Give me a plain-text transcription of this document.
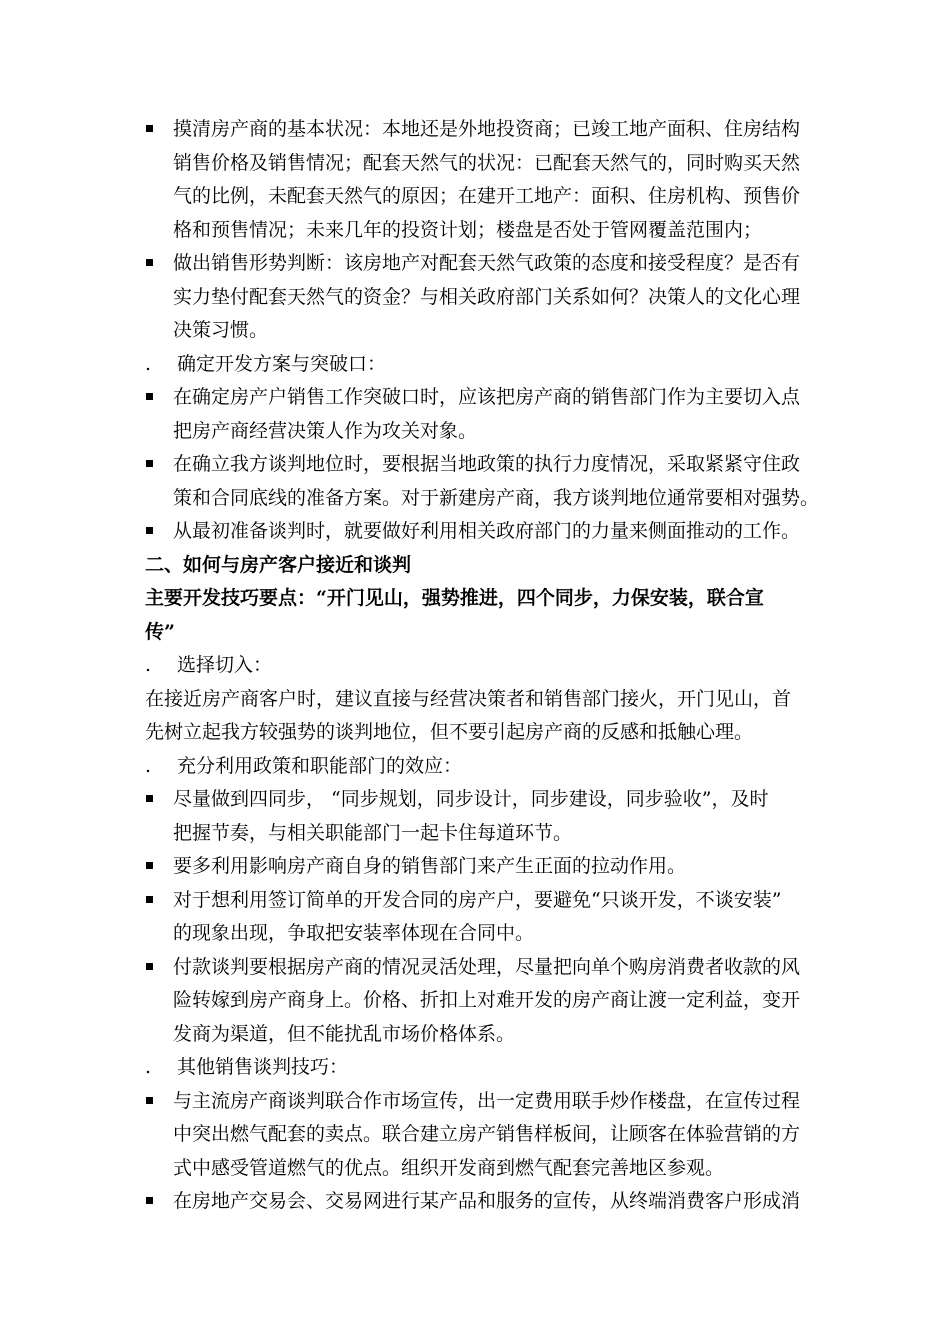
摸清房产商的基本状况：本地还是外地投资商；已竣工地产面积、住房结构
销售价格及销售情况；配套天然气的状况：已配套天然气的，同时购买天然
气的比例，未配套天然气的原因；在建开工地产：面积、住房机构、预售价
格和预售情况；未来几年的投资计划；楼盘是否处于管网覆盖范围内；
做出销售形势判断：该房地产对配套天然气政策的态度和接受程度？是否有
实力垫付配套天然气的资金？与相关政府部门关系如何？决策人的文化心理
决策习惯。
. 确定开发方案与突破口：
在确定房产户销售工作突破口时，应该把房产商的销售部门作为主要切入点
把房产商经营决策人作为攻关对象。
在确立我方谈判地位时，要根据当地政策的执行力度情况，采取紧紧守住政
策和合同底线的准备方案。对于新建房产商，我方谈判地位通常要相对强势。
从最初准备谈判时，就要做好利用相关政府部门的力量来侧面推动的工作。
二、如何与房产客户接近和谈判
主要开发技巧要点：“开门见山，强势推进，四个同步，力保安装，联合宣
传”
. 选择切入：
在接近房产商客户时，建议直接与经营决策者和销售部门接火，开门见山，首
先树立起我方较强势的谈判地位，但不要引起房产商的反感和抵触心理。
. 充分利用政策和职能部门的效应：
尽量做到四同步， “同步规划，同步设计，同步建设，同步验收”，及时
把握节奏，与相关职能部门一起卡住每道环节。
要多利用影响房产商自身的销售部门来产生正面的拉动作用。
对于想利用签订简单的开发合同的房产户，要避免“只谈开发，不谈安装”
的现象出现，争取把安装率体现在合同中。
付款谈判要根据房产商的情况灵活处理，尽量把向单个购房消费者收款的风
险转嫁到房产商身上。价格、折扣上对难开发的房产商让渡一定利益，变开
发商为渠道，但不能扰乱市场价格体系。
. 其他销售谈判技巧：
与主流房产商谈判联合作市场宣传，出一定费用联手炒作楼盘，在宣传过程
中突出燃气配套的卖点。联合建立房产销售样板间，让顾客在体验营销的方
式中感受管道燃气的优点。组织开发商到燃气配套完善地区参观。
在房地产交易会、交易网进行某产品和服务的宣传，从终端消费客户形成消
